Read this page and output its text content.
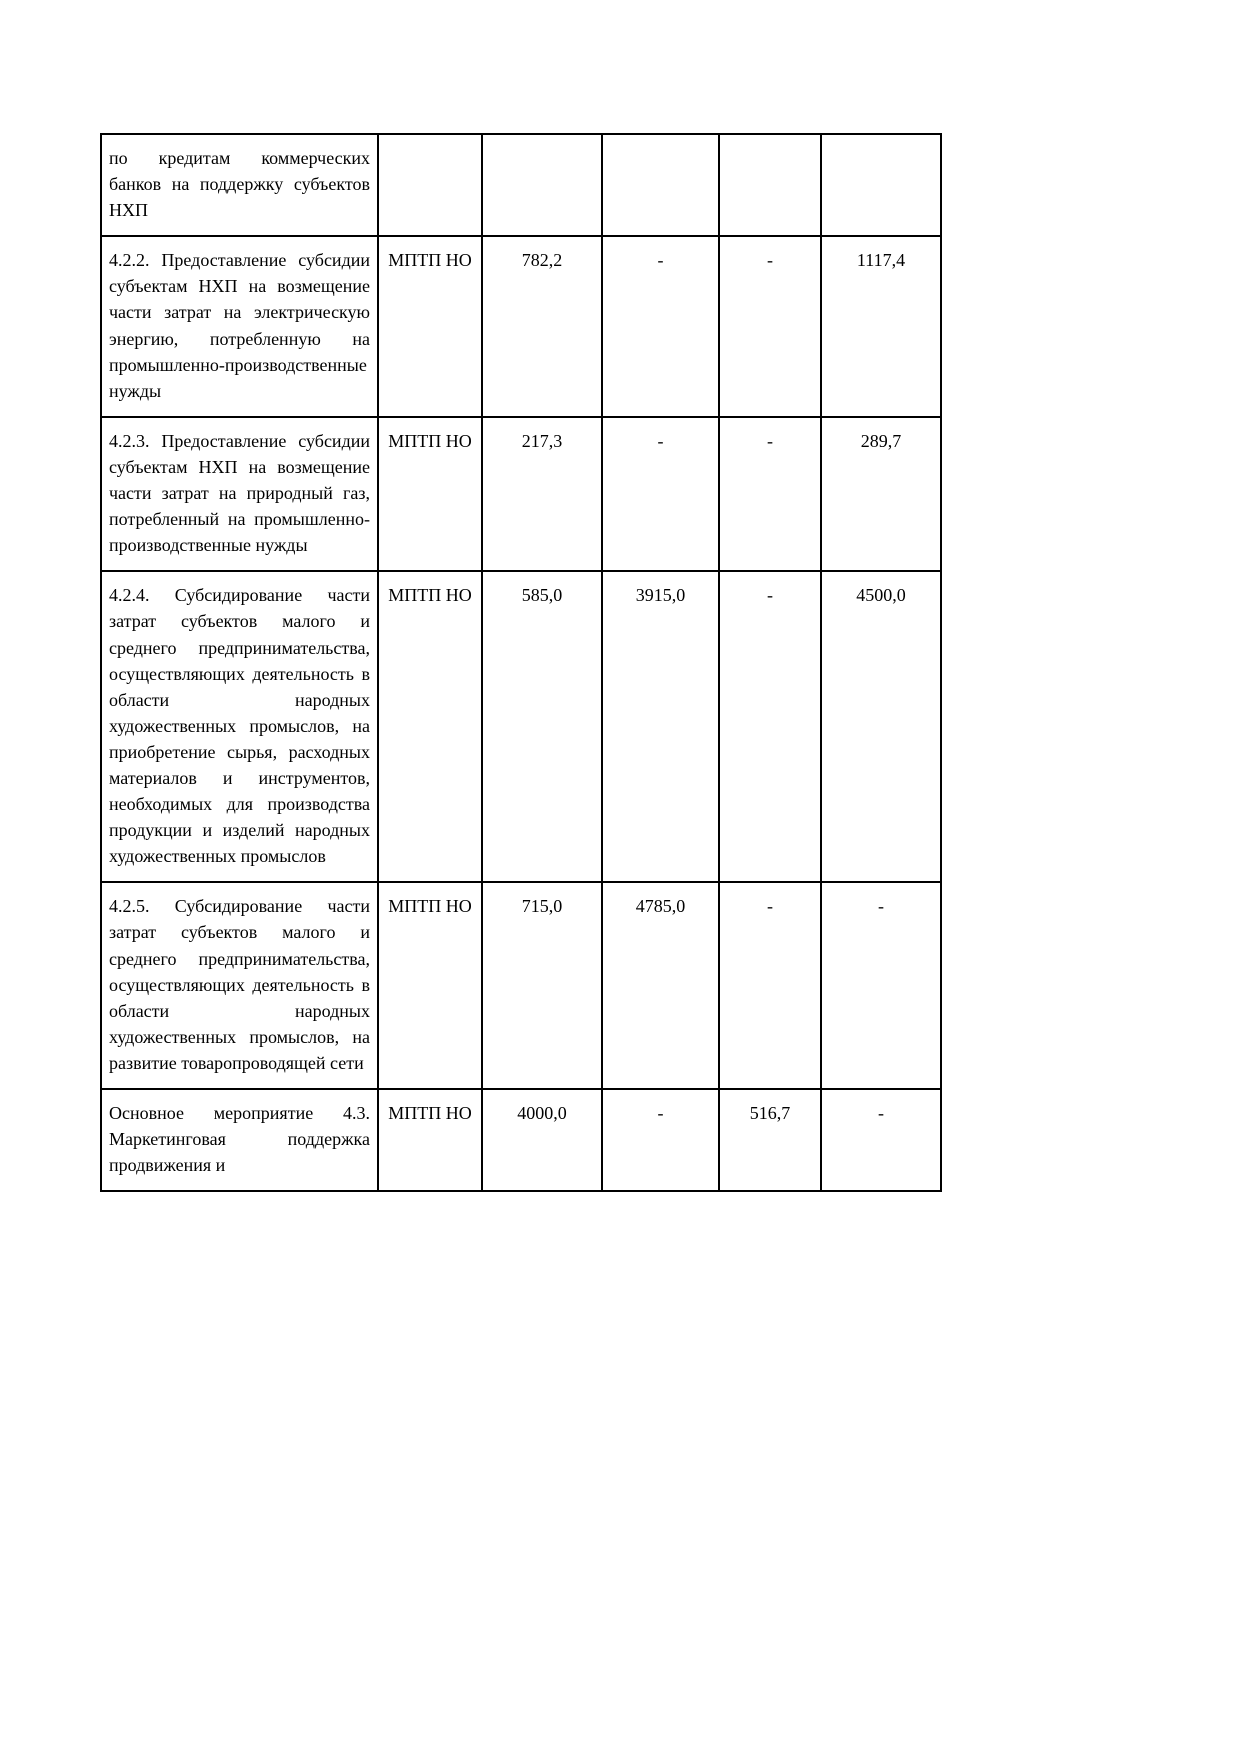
по кредитам коммерческих банков на поддержку субъектов НХП					
4.2.2. Предоставление субсидии субъектам НХП на возмещение части затрат на электрическую энергию, потребленную на промышленно-производственные нужды	МПТП НО	782,2	-	-	1117,4
4.2.3. Предоставление субсидии субъектам НХП на возмещение части затрат на природный газ, потребленный на промышленно-производственные нужды	МПТП НО	217,3	-	-	289,7
4.2.4. Субсидирование части затрат субъектов малого и среднего предпринимательства, осуществляющих деятельность в области народных художественных промыслов, на приобретение сырья, расходных материалов и инструментов, необходимых для производства продукции и изделий народных художественных промыслов	МПТП НО	585,0	3915,0	-	4500,0
4.2.5. Субсидирование части затрат субъектов малого и среднего предпринимательства, осуществляющих деятельность в области народных художественных промыслов, на развитие товаропроводящей сети	МПТП НО	715,0	4785,0	-	-
Основное мероприятие 4.3. Маркетинговая поддержка продвижения и	МПТП НО	4000,0	-	516,7	-
